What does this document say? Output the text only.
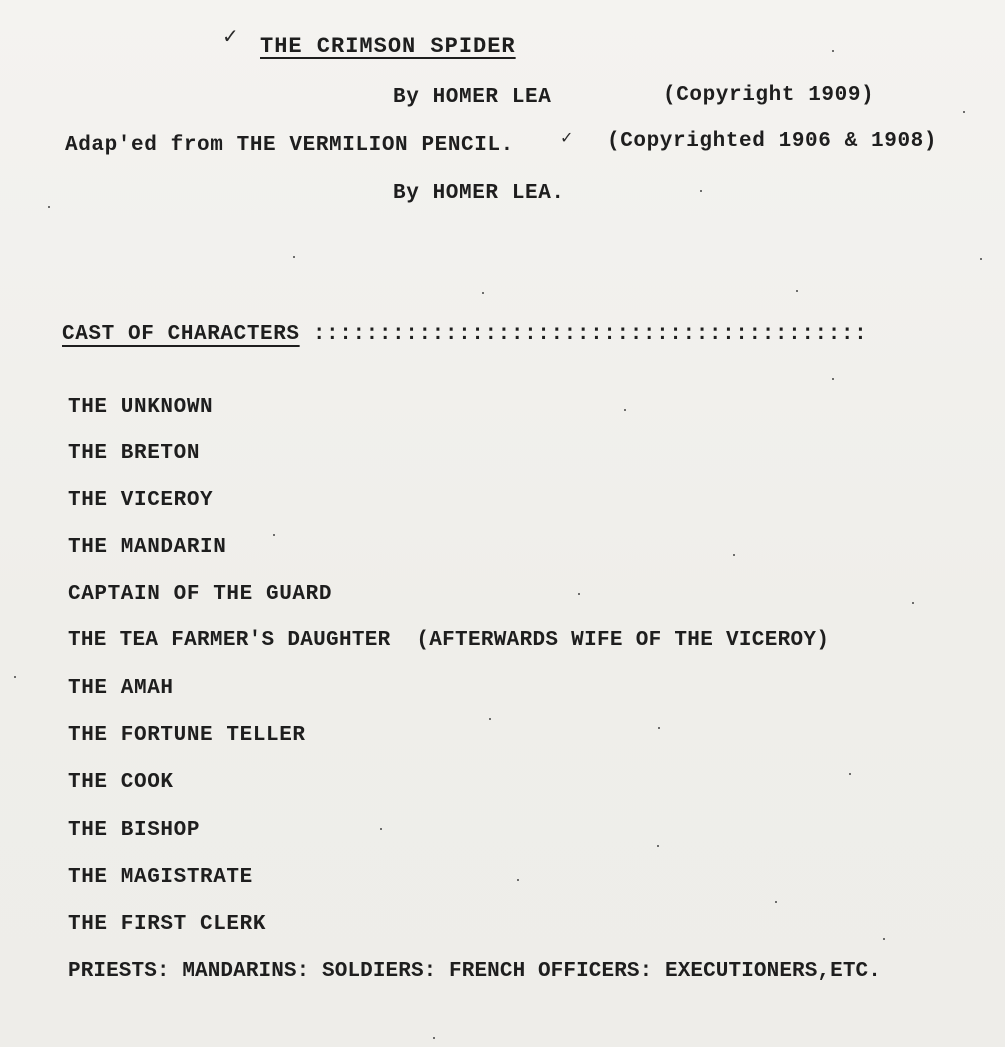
✓ THE CRIMSON SPIDER
By HOMER LEA	(Copyright 1909)
Adap'ed from THE VERMILION PENCIL.	✓ (Copyrighted 1906 & 1908)
By HOMER LEA.
CAST OF CHARACTERS ::::::::::::::::::::::::::::::::::::::::::
THE UNKNOWN
THE BRETON
THE VICEROY
THE MANDARIN
CAPTAIN OF THE GUARD
THE TEA FARMER'S DAUGHTER  (AFTERWARDS WIFE OF THE VICEROY)
THE AMAH
THE FORTUNE TELLER
THE COOK
THE BISHOP
THE MAGISTRATE
THE FIRST CLERK
PRIESTS: MANDARINS: SOLDIERS: FRENCH OFFICERS: EXECUTIONERS,ETC.
